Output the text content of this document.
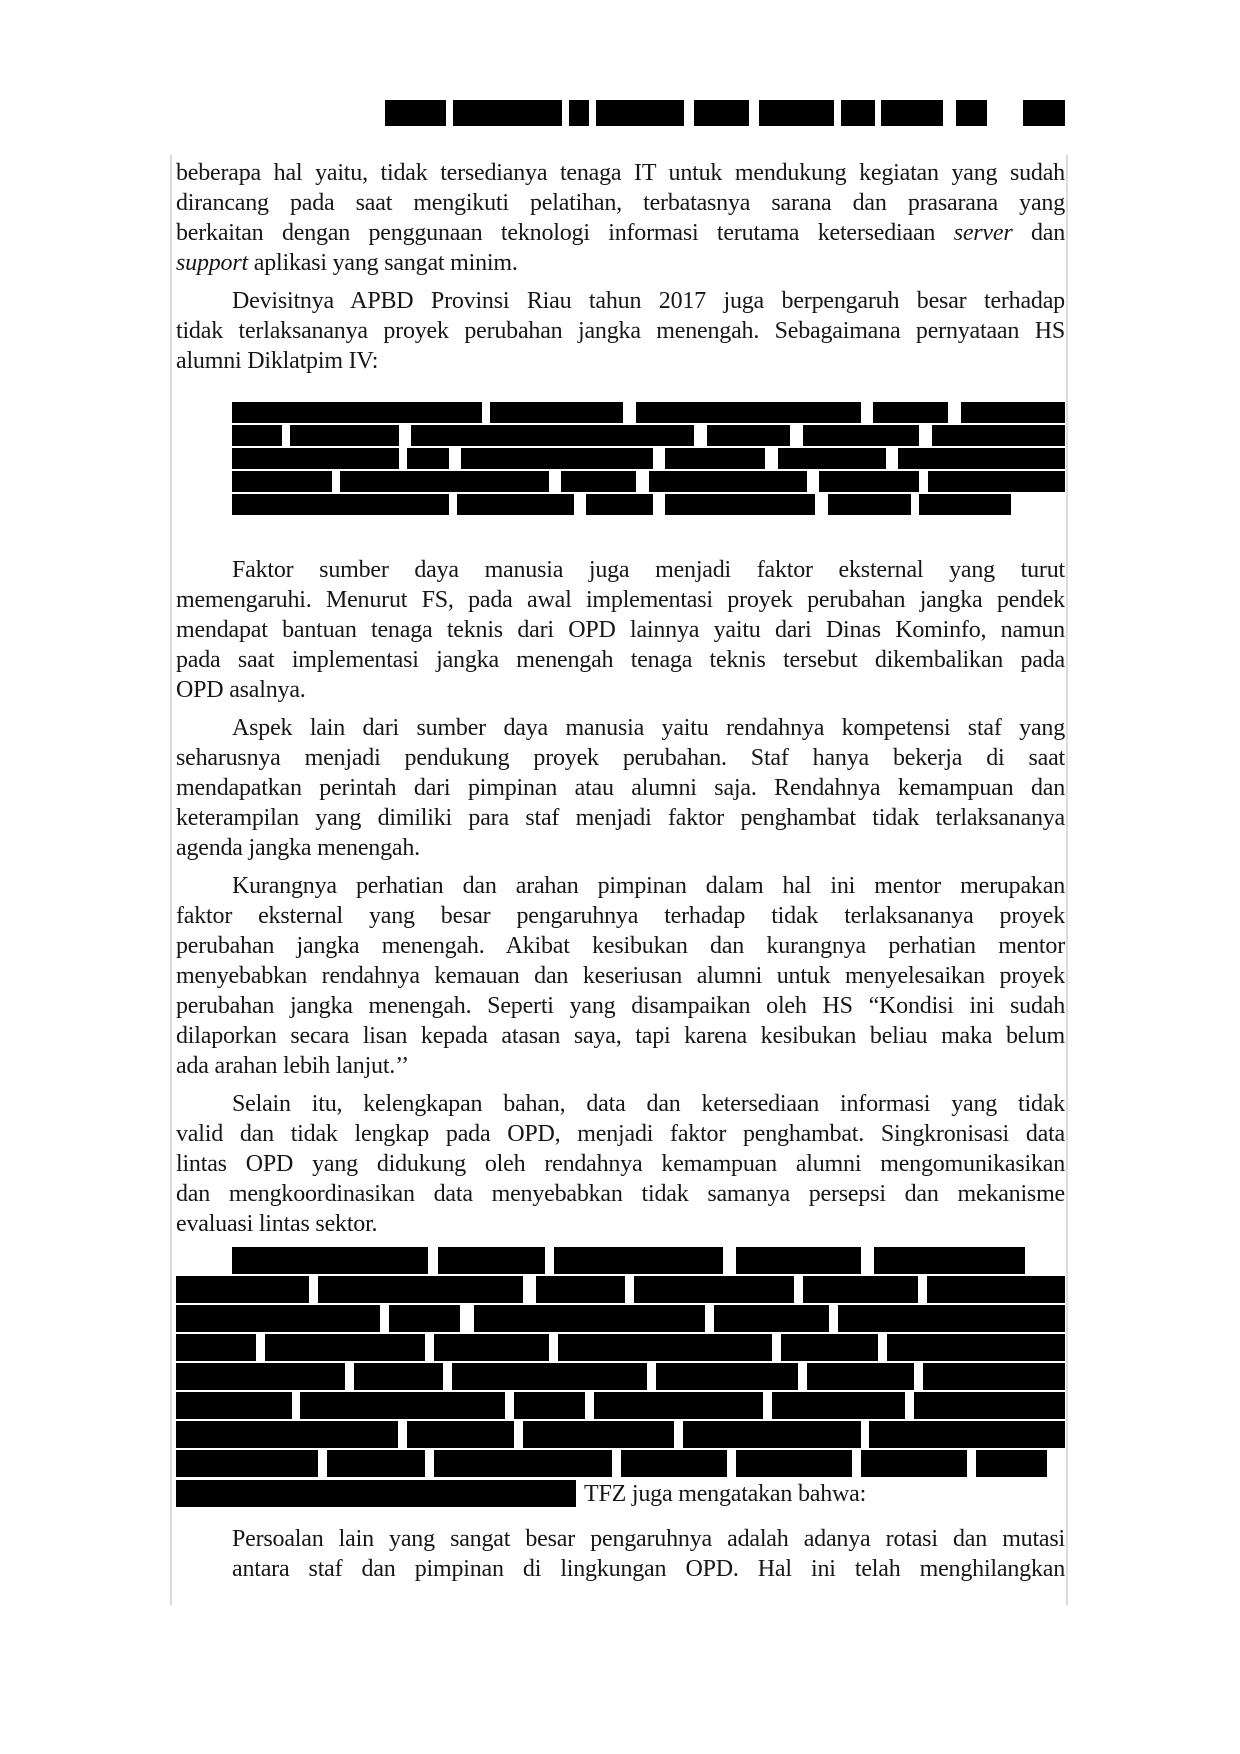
beberapa hal yaitu, tidak tersedianya tenaga IT untuk mendukung kegiatan yang sudah
dirancang pada saat mengikuti pelatihan, terbatasnya sarana dan prasarana yang
berkaitan dengan penggunaan teknologi informasi terutama ketersediaan server dan
support aplikasi yang sangat minim.
Devisitnya APBD Provinsi Riau tahun 2017 juga berpengaruh besar terhadap
tidak terlaksananya proyek perubahan jangka menengah. Sebagaimana pernyataan HS
alumni Diklatpim IV:
Faktor sumber daya manusia juga menjadi faktor eksternal yang turut
memengaruhi. Menurut FS, pada awal implementasi proyek perubahan jangka pendek
mendapat bantuan tenaga teknis dari OPD lainnya yaitu dari Dinas Kominfo, namun
pada saat implementasi jangka menengah tenaga teknis tersebut dikembalikan pada
OPD asalnya.
Aspek lain dari sumber daya manusia yaitu rendahnya kompetensi staf yang
seharusnya menjadi pendukung proyek perubahan. Staf hanya bekerja di saat
mendapatkan perintah dari pimpinan atau alumni saja. Rendahnya kemampuan dan
keterampilan yang dimiliki para staf menjadi faktor penghambat tidak terlaksananya
agenda jangka menengah.
Kurangnya perhatian dan arahan pimpinan dalam hal ini mentor merupakan
faktor eksternal yang besar pengaruhnya terhadap tidak terlaksananya proyek
perubahan jangka menengah. Akibat kesibukan dan kurangnya perhatian mentor
menyebabkan rendahnya kemauan dan keseriusan alumni untuk menyelesaikan proyek
perubahan jangka menengah. Seperti yang disampaikan oleh HS “Kondisi ini sudah
dilaporkan secara lisan kepada atasan saya, tapi karena kesibukan beliau maka belum
ada arahan lebih lanjut.’’
Selain itu, kelengkapan bahan, data dan ketersediaan informasi yang tidak
valid dan tidak lengkap pada OPD, menjadi faktor penghambat. Singkronisasi data
lintas OPD yang didukung oleh rendahnya kemampuan alumni mengomunikasikan
dan mengkoordinasikan data menyebabkan tidak samanya persepsi dan mekanisme
evaluasi lintas sektor.
TFZ juga mengatakan bahwa:
Persoalan lain yang sangat besar pengaruhnya adalah adanya rotasi dan mutasi
antara staf dan pimpinan di lingkungan OPD. Hal ini telah menghilangkan
